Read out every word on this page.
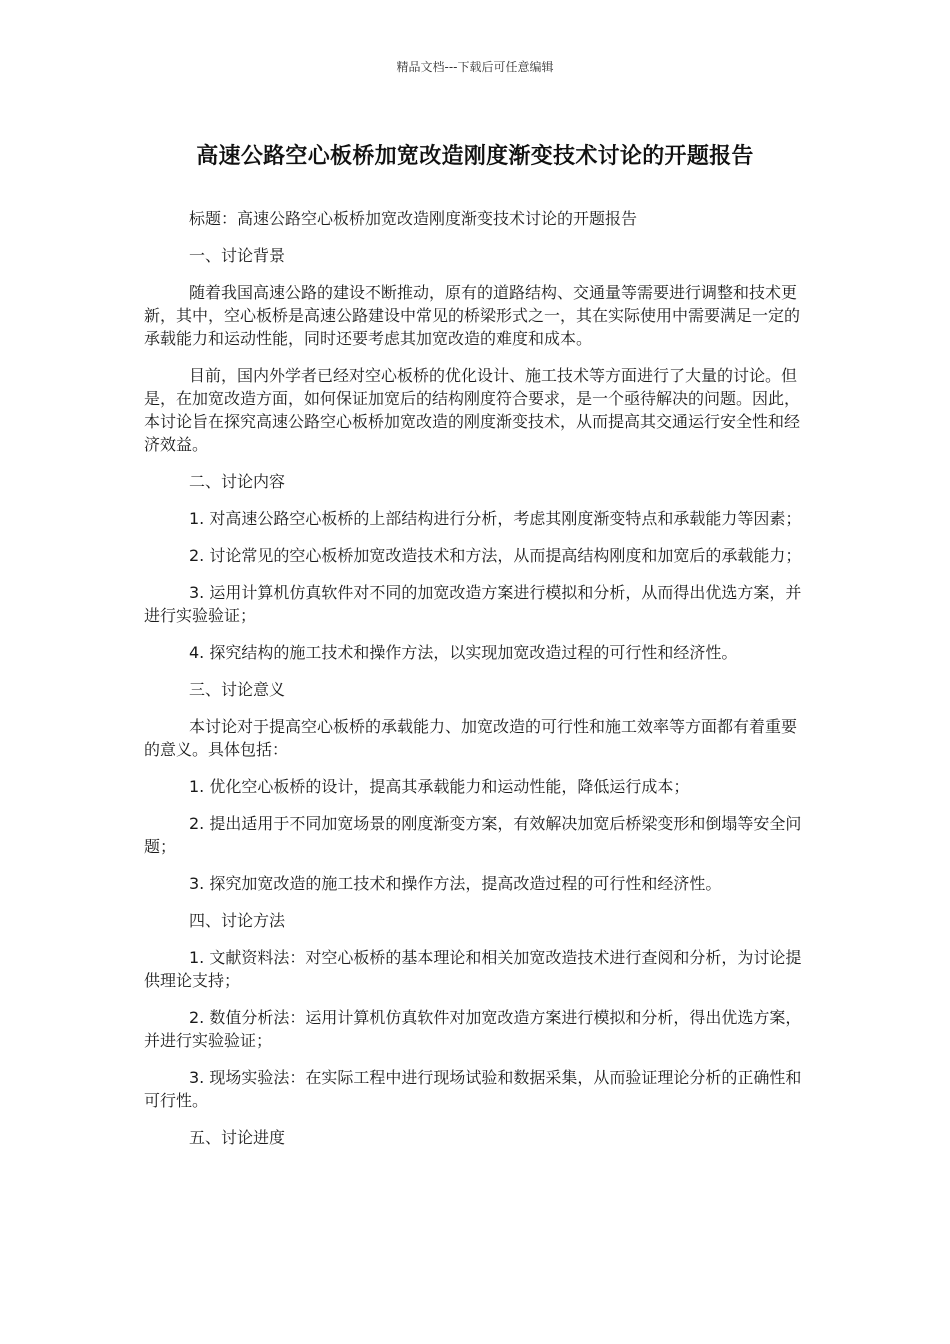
精品文档---下载后可任意编辑
高速公路空心板桥加宽改造刚度渐变技术讨论的开题报告

标题：高速公路空心板桥加宽改造刚度渐变技术讨论的开题报告

一、讨论背景

随着我国高速公路的建设不断推动，原有的道路结构、交通量等需要进行调整和技术更新，其中，空心板桥是高速公路建设中常见的桥梁形式之一，其在实际使用中需要满足一定的承载能力和运动性能，同时还要考虑其加宽改造的难度和成本。

目前，国内外学者已经对空心板桥的优化设计、施工技术等方面进行了大量的讨论。但是，在加宽改造方面，如何保证加宽后的结构刚度符合要求，是一个亟待解决的问题。因此，本讨论旨在探究高速公路空心板桥加宽改造的刚度渐变技术，从而提高其交通运行安全性和经济效益。

二、讨论内容

1. 对高速公路空心板桥的上部结构进行分析，考虑其刚度渐变特点和承载能力等因素；

2. 讨论常见的空心板桥加宽改造技术和方法，从而提高结构刚度和加宽后的承载能力；

3. 运用计算机仿真软件对不同的加宽改造方案进行模拟和分析，从而得出优选方案，并进行实验验证；

4. 探究结构的施工技术和操作方法，以实现加宽改造过程的可行性和经济性。

三、讨论意义

本讨论对于提高空心板桥的承载能力、加宽改造的可行性和施工效率等方面都有着重要的意义。具体包括：

1. 优化空心板桥的设计，提高其承载能力和运动性能，降低运行成本；

2. 提出适用于不同加宽场景的刚度渐变方案，有效解决加宽后桥梁变形和倒塌等安全问题；

3. 探究加宽改造的施工技术和操作方法，提高改造过程的可行性和经济性。

四、讨论方法

1. 文献资料法：对空心板桥的基本理论和相关加宽改造技术进行查阅和分析，为讨论提供理论支持；

2. 数值分析法：运用计算机仿真软件对加宽改造方案进行模拟和分析，得出优选方案，并进行实验验证；

3. 现场实验法：在实际工程中进行现场试验和数据采集，从而验证理论分析的正确性和可行性。

五、讨论进度
